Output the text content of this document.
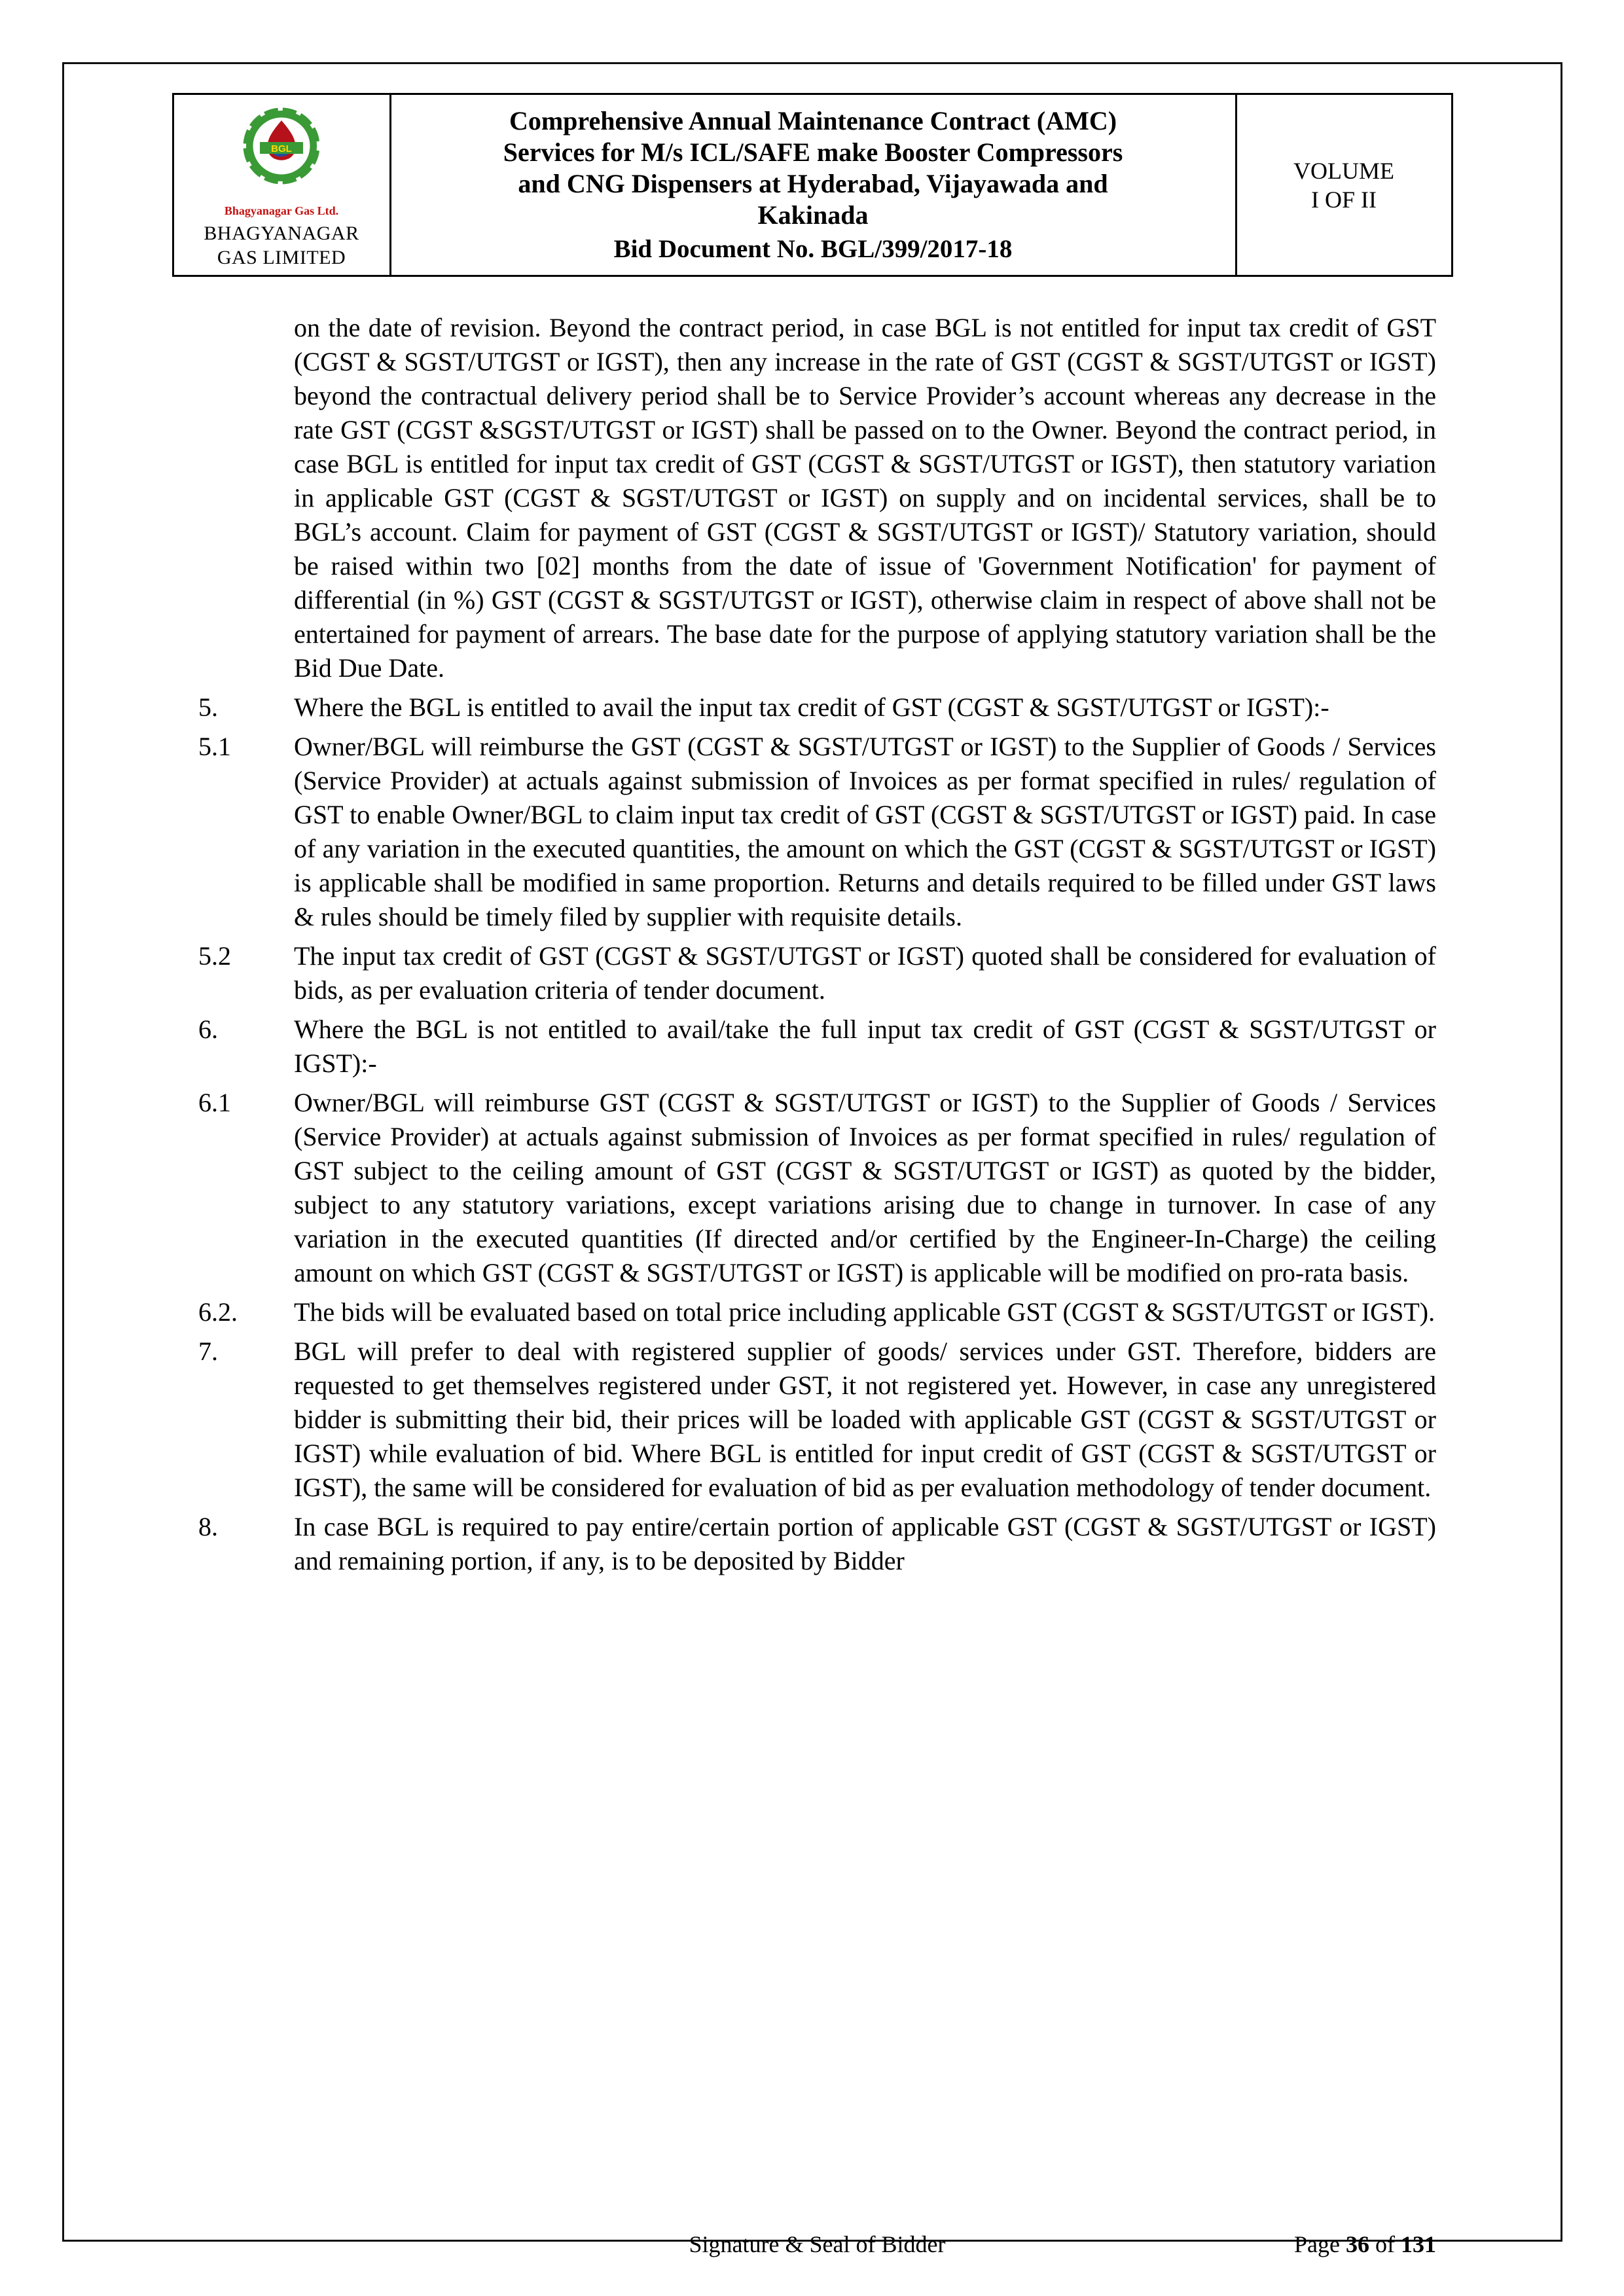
BGL
Bhagyanagar Gas Ltd.
BHAGYANAGAR
GAS LIMITED

Comprehensive Annual Maintenance Contract (AMC)
Services for M/s ICL/SAFE make Booster Compressors
and CNG Dispensers at Hyderabad, Vijayawada and
Kakinada
Bid Document No. BGL/399/2017-18

VOLUME
I OF II
on the date of revision. Beyond the contract period, in case BGL is not entitled for input tax credit of GST (CGST & SGST/UTGST or IGST), then any increase in the rate of GST (CGST & SGST/UTGST or IGST) beyond the contractual delivery period shall be to Service Provider’s account whereas any decrease in the rate GST (CGST &SGST/UTGST or IGST) shall be passed on to the Owner. Beyond the contract period, in case BGL is entitled for input tax credit of GST (CGST & SGST/UTGST or IGST), then statutory variation in applicable GST (CGST & SGST/UTGST or IGST) on supply and on incidental services, shall be to BGL’s account. Claim for payment of GST (CGST & SGST/UTGST or IGST)/ Statutory variation, should be raised within two [02] months from the date of issue of 'Government Notification' for payment of differential (in %) GST (CGST & SGST/UTGST or IGST), otherwise claim in respect of above shall not be entertained for payment of arrears. The base date for the purpose of applying statutory variation shall be the Bid Due Date.
5.	Where the BGL is entitled to avail the input tax credit of GST (CGST & SGST/UTGST or IGST):-
5.1	Owner/BGL will reimburse the GST (CGST & SGST/UTGST or IGST) to the Supplier of Goods / Services (Service Provider) at actuals against submission of Invoices as per format specified in rules/ regulation of GST to enable Owner/BGL to claim input tax credit of GST (CGST & SGST/UTGST or IGST) paid. In case of any variation in the executed quantities, the amount on which the GST (CGST & SGST/UTGST or IGST) is applicable shall be modified in same proportion. Returns and details required to be filled under GST laws & rules should be timely filed by supplier with requisite details.
5.2	The input tax credit of GST (CGST & SGST/UTGST or IGST) quoted shall be considered for evaluation of bids, as per evaluation criteria of tender document.
6.	Where the BGL is not entitled to avail/take the full input tax credit of GST (CGST & SGST/UTGST or IGST):-
6.1	Owner/BGL will reimburse GST (CGST & SGST/UTGST or IGST) to the Supplier of Goods / Services (Service Provider) at actuals against submission of Invoices as per format specified in rules/ regulation of GST subject to the ceiling amount of GST (CGST & SGST/UTGST or IGST) as quoted by the bidder, subject to any statutory variations, except variations arising due to change in turnover. In case of any variation in the executed quantities (If directed and/or certified by the Engineer-In-Charge) the ceiling amount on which GST (CGST & SGST/UTGST or IGST) is applicable will be modified on pro-rata basis.
6.2.	The bids will be evaluated based on total price including applicable GST (CGST & SGST/UTGST or IGST).
7.	BGL will prefer to deal with registered supplier of goods/ services under GST. Therefore, bidders are requested to get themselves registered under GST, it not registered yet. However, in case any unregistered bidder is submitting their bid, their prices will be loaded with applicable GST (CGST & SGST/UTGST or IGST) while evaluation of bid. Where BGL is entitled for input credit of GST (CGST & SGST/UTGST or IGST), the same will be considered for evaluation of bid as per evaluation methodology of tender document.
8.	In case BGL is required to pay entire/certain portion of applicable GST (CGST & SGST/UTGST or IGST) and remaining portion, if any, is to be deposited by Bidder
Signature & Seal of Bidder	Page 36 of 131
